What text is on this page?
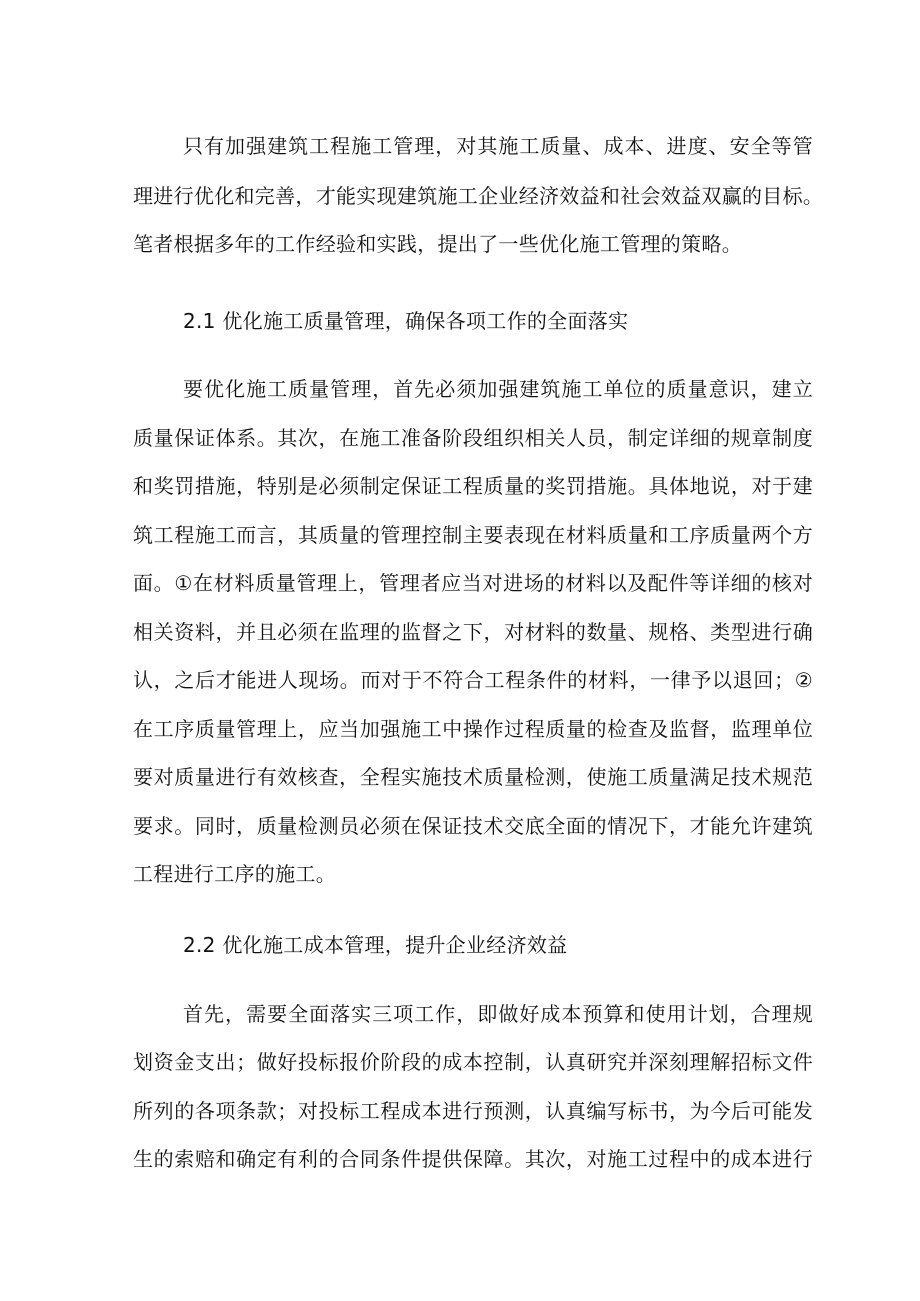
只有加强建筑工程施工管理，对其施工质量、成本、进度、安全等管
理进行优化和完善，才能实现建筑施工企业经济效益和社会效益双赢的目标。
笔者根据多年的工作经验和实践，提出了一些优化施工管理的策略。
2.1 优化施工质量管理，确保各项工作的全面落实
要优化施工质量管理，首先必须加强建筑施工单位的质量意识，建立
质量保证体系。其次，在施工准备阶段组织相关人员，制定详细的规章制度
和奖罚措施，特别是必须制定保证工程质量的奖罚措施。具体地说，对于建
筑工程施工而言，其质量的管理控制主要表现在材料质量和工序质量两个方
面。①在材料质量管理上，管理者应当对进场的材料以及配件等详细的核对
相关资料，并且必须在监理的监督之下，对材料的数量、规格、类型进行确
认，之后才能进人现场。而对于不符合工程条件的材料，一律予以退回；②
在工序质量管理上，应当加强施工中操作过程质量的检查及监督，监理单位
要对质量进行有效核查，全程实施技术质量检测，使施工质量满足技术规范
要求。同时，质量检测员必须在保证技术交底全面的情况下，才能允许建筑
工程进行工序的施工。
2.2 优化施工成本管理，提升企业经济效益
首先，需要全面落实三项工作，即做好成本预算和使用计划，合理规
划资金支出；做好投标报价阶段的成本控制，认真研究并深刻理解招标文件
所列的各项条款；对投标工程成本进行预测，认真编写标书，为今后可能发
生的索赔和确定有利的合同条件提供保障。其次，对施工过程中的成本进行
